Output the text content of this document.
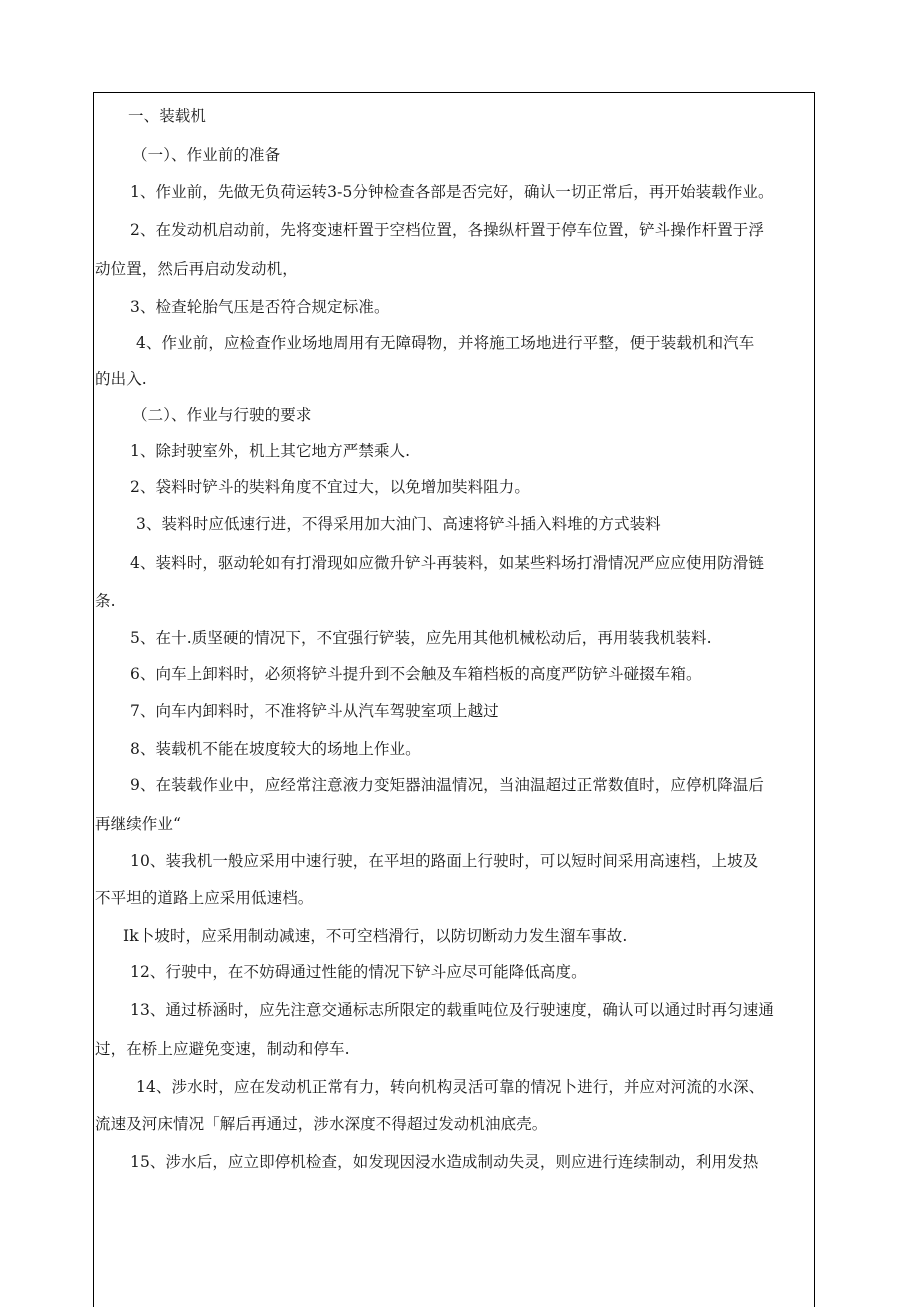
一、装载机
（一）、作业前的准备
1、作业前，先做无负荷运转3-5分钟检查各部是否完好，确认一切正常后，再开始装载作业。
2、在发动机启动前，先将变速杆置于空档位置，各操纵杆置于停车位置，铲斗操作杆置于浮
动位置，然后再启动发动机，
3、检查轮胎气压是否符合规定标准。
4、作业前，应检查作业场地周用有无障碍物，并将施工场地进行平整，便于装载机和汽车
的出入.
（二）、作业与行驶的要求
1、除封驶室外，机上其它地方严禁乘人.
2、袋料时铲斗的奘料角度不宜过大，以免增加奘料阻力。
3、装料时应低速行进，不得采用加大油门、高速将铲斗插入料堆的方式装料
4、装料时，驱动轮如有打滑现如应微升铲斗再装料，如某些料场打滑情况严应应使用防滑链
条.
5、在十.质坚硬的情况下，不宜强行铲装，应先用其他机械松动后，再用装我机装料.
6、向车上卸料时，必须将铲斗提升到不会触及车箱档板的高度严防铲斗碰掇车箱。
7、向车内卸料时，不准将铲斗从汽车驾驶室项上越过
8、装载机不能在坡度较大的场地上作业。
9、在装载作业中，应经常注意液力变矩器油温情况，当油温超过正常数值时，应停机降温后
再继续作业“
10、装我机一般应采用中速行驶，在平坦的路面上行驶时，可以短时间采用高速档，上坡及
不平坦的道路上应采用低速档。
Ik卜坡时，应采用制动减速，不可空档滑行，以防切断动力发生溜车事故.
12、行驶中，在不妨碍通过性能的情况下铲斗应尽可能降低高度。
13、通过桥涵时，应先注意交通标志所限定的载重吨位及行驶速度，确认可以通过时再匀速通
过，在桥上应避免变速，制动和停车.
14、涉水时，应在发动机正常有力，转向机构灵活可靠的情况卜进行，并应对河流的水深、
流速及河床情况「解后再通过，涉水深度不得超过发动机油底壳。
15、涉水后，应立即停机检查，如发现因浸水造成制动失灵，则应进行连续制动，利用发热
